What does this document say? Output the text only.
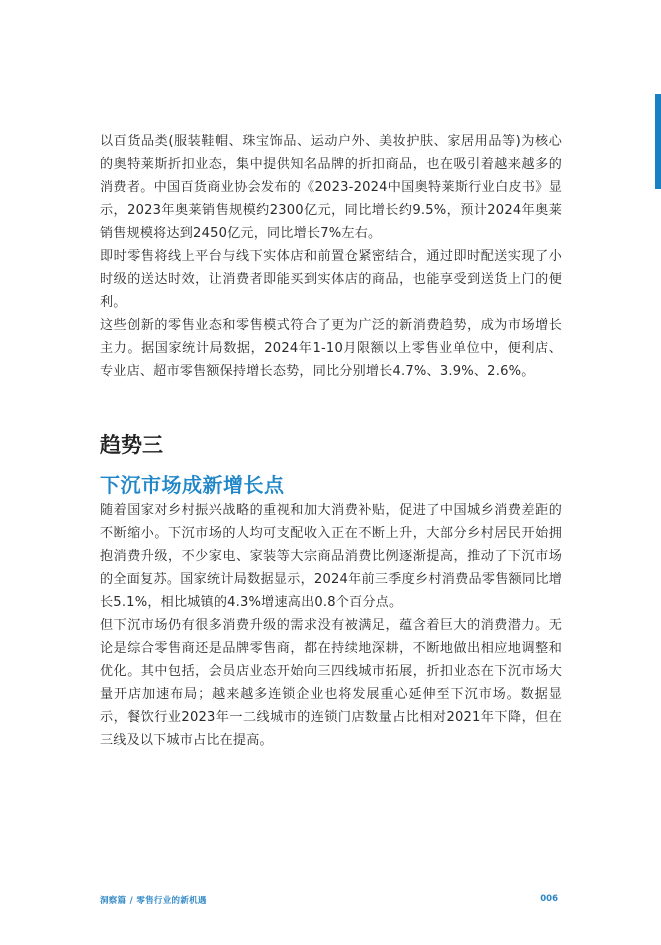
以百货品类(服装鞋帽、珠宝饰品、运动户外、美妆护肤、家居用品等)为核心的奥特莱斯折扣业态，集中提供知名品牌的折扣商品，也在吸引着越来越多的消费者。中国百货商业协会发布的《2023-2024中国奥特莱斯行业白皮书》显示，2023年奥莱销售规模约2300亿元，同比增长约9.5%，预计2024年奥莱销售规模将达到2450亿元，同比增长7%左右。

即时零售将线上平台与线下实体店和前置仓紧密结合，通过即时配送实现了小时级的送达时效，让消费者即能买到实体店的商品，也能享受到送货上门的便利。

这些创新的零售业态和零售模式符合了更为广泛的新消费趋势，成为市场增长主力。据国家统计局数据，2024年1-10月限额以上零售业单位中，便利店、专业店、超市零售额保持增长态势，同比分别增长4.7%、3.9%、2.6%。

趋势三
下沉市场成新增长点

随着国家对乡村振兴战略的重视和加大消费补贴，促进了中国城乡消费差距的不断缩小。下沉市场的人均可支配收入正在不断上升，大部分乡村居民开始拥抱消费升级，不少家电、家装等大宗商品消费比例逐渐提高，推动了下沉市场的全面复苏。国家统计局数据显示，2024年前三季度乡村消费品零售额同比增长5.1%，相比城镇的4.3%增速高出0.8个百分点。

但下沉市场仍有很多消费升级的需求没有被满足，蕴含着巨大的消费潜力。无论是综合零售商还是品牌零售商，都在持续地深耕，不断地做出相应地调整和优化。其中包括，会员店业态开始向三四线城市拓展，折扣业态在下沉市场大量开店加速布局；越来越多连锁企业也将发展重心延伸至下沉市场。数据显示，餐饮行业2023年一二线城市的连锁门店数量占比相对2021年下降，但在三线及以下城市占比在提高。

洞察篇 / 零售行业的新机遇	006
